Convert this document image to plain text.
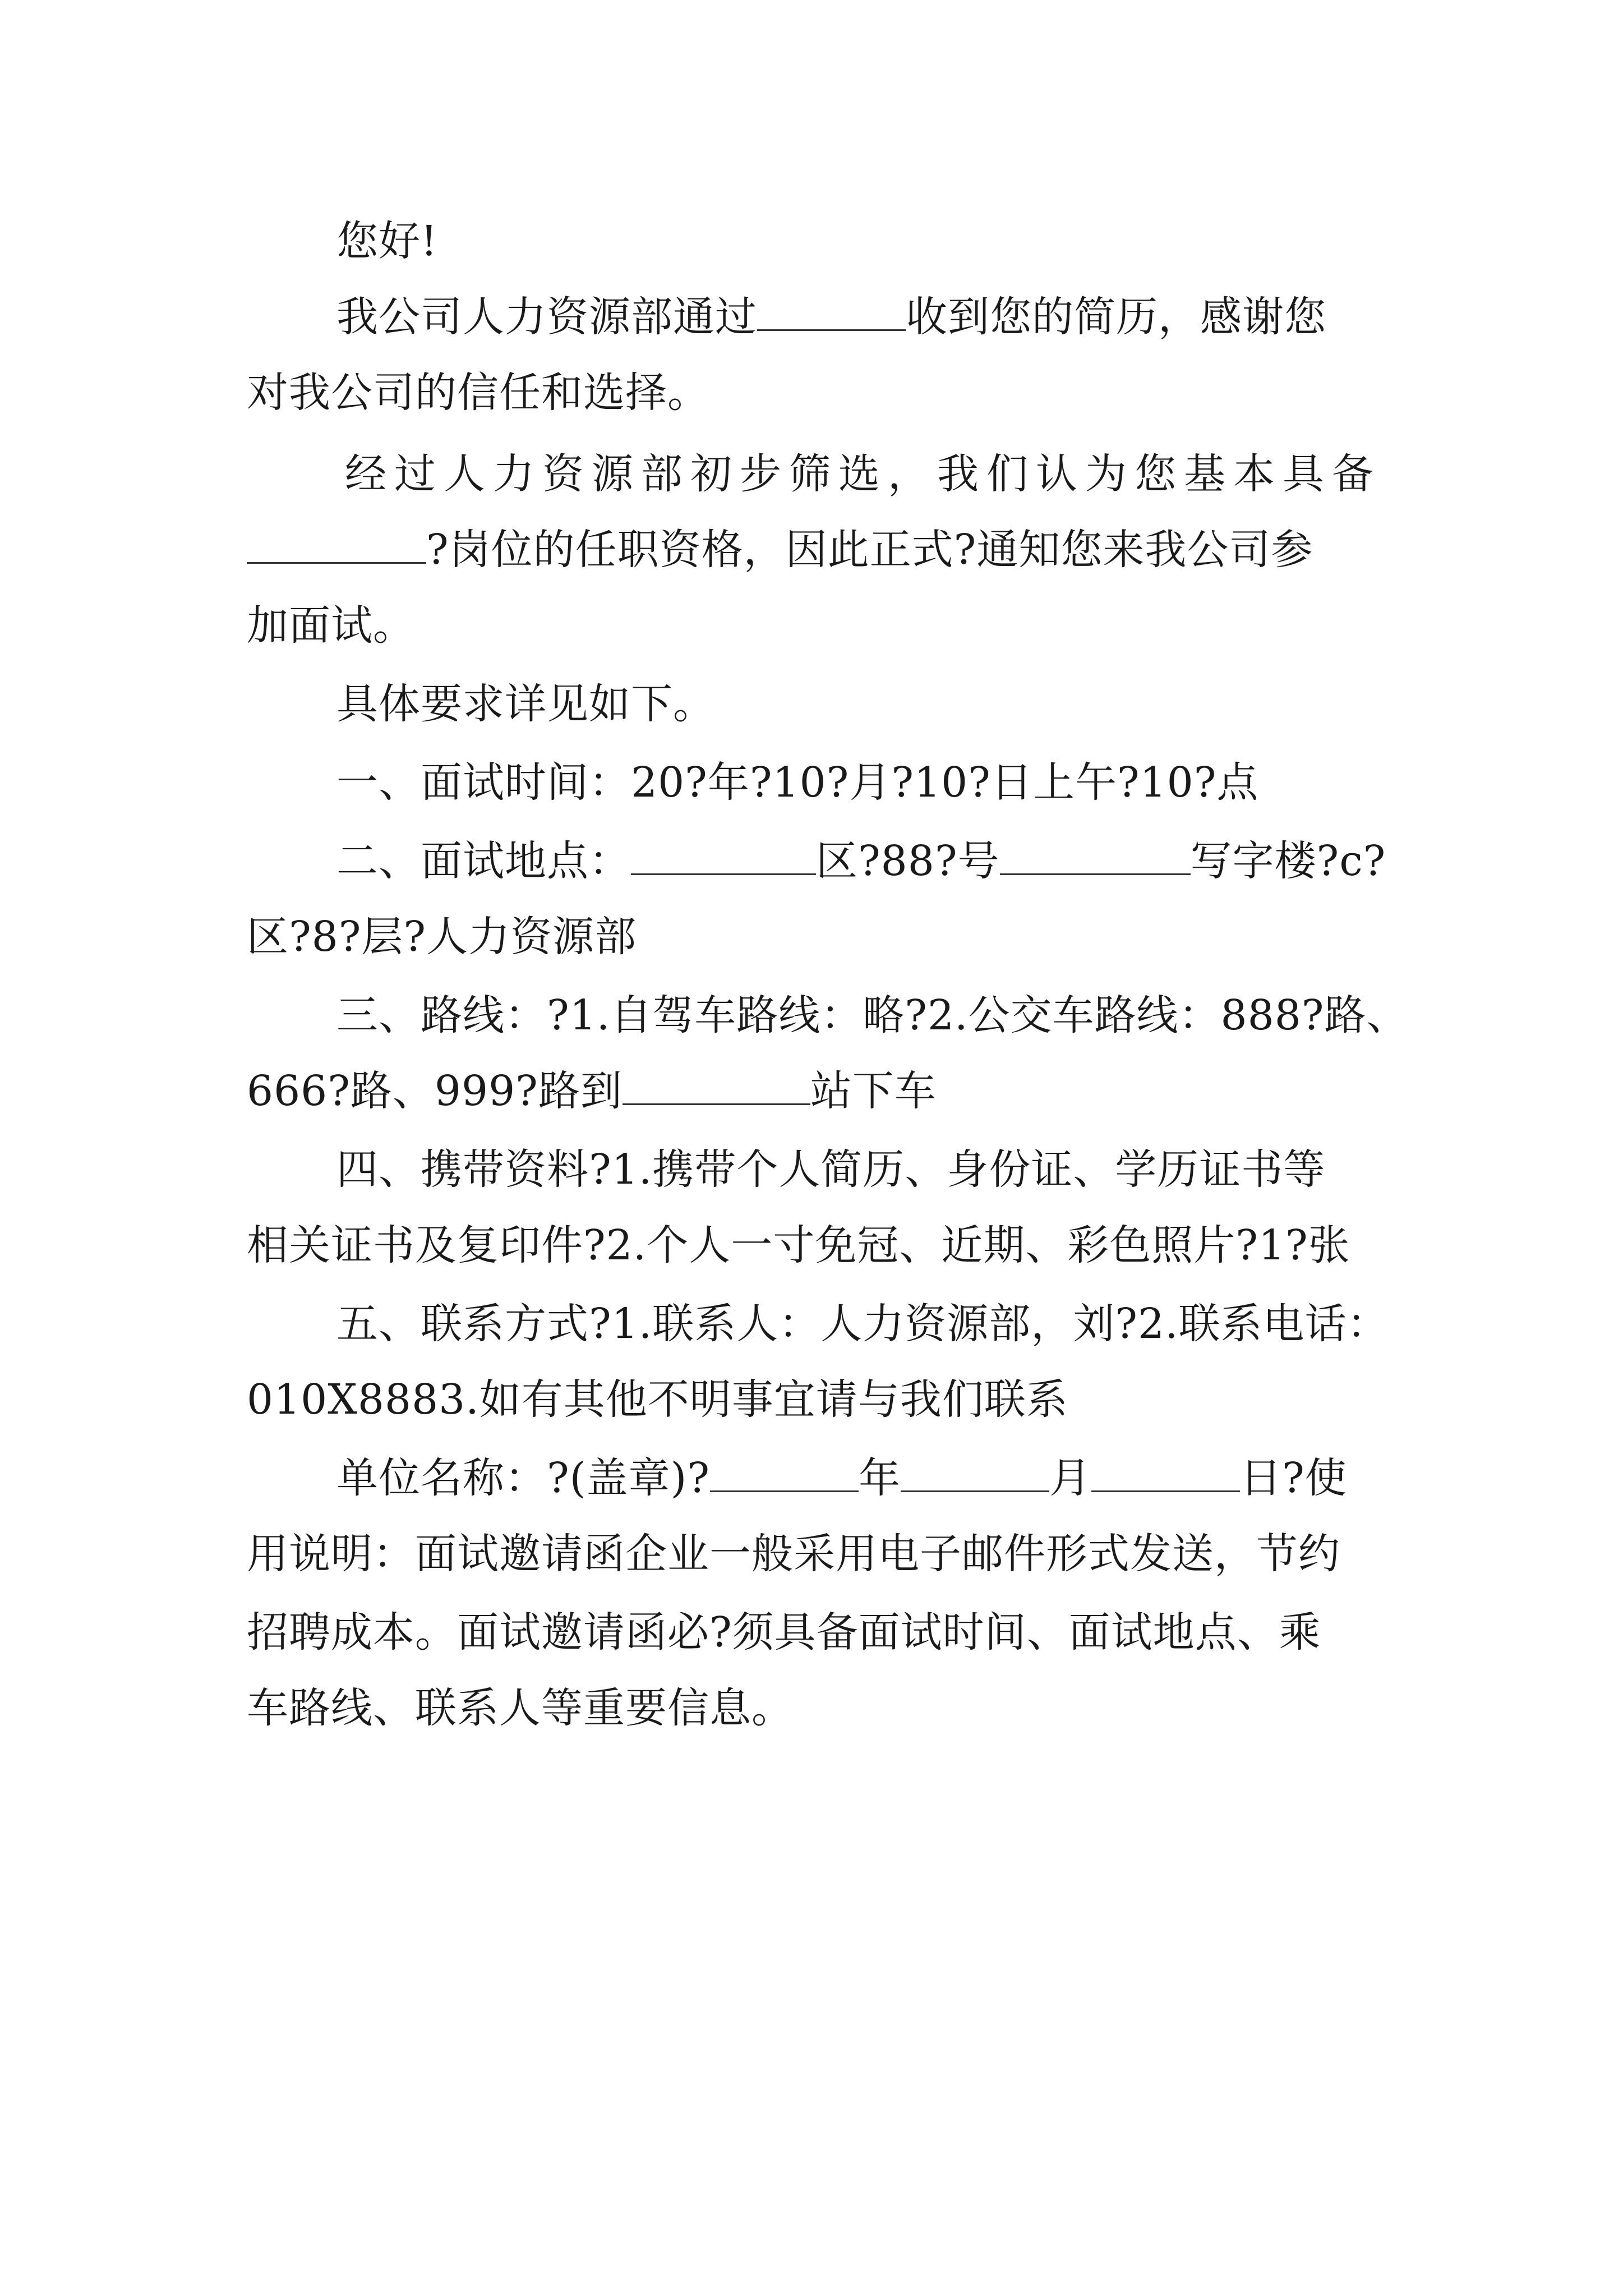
您好!

我公司人力资源部通过	收到您的简历，感谢您

对我公司的信任和选择。

经过人力资源部初步筛选，我们认为您基本具备

?岗位的任职资格，因此正式?通知您来我公司参

加面试。

具体要求详见如下。

一、面试时间：20?年?10?月?10?日上午?10?点

二、面试地点：	区?88?号	写字楼?c?

区?8?层?人力资源部

三、路线：?1.自驾车路线：略?2.公交车路线：888?路、

666?路、999?路到	站下车

四、携带资料?1.携带个人简历、身份证、学历证书等

相关证书及复印件?2.个人一寸免冠、近期、彩色照片?1?张

五、联系方式?1.联系人：人力资源部，刘?2.联系电话：

010X8883.如有其他不明事宜请与我们联系

单位名称：?(盖章)?	年	月	日?使

用说明：面试邀请函企业一般采用电子邮件形式发送，节约

招聘成本。面试邀请函必?须具备面试时间、面试地点、乘

车路线、联系人等重要信息。
